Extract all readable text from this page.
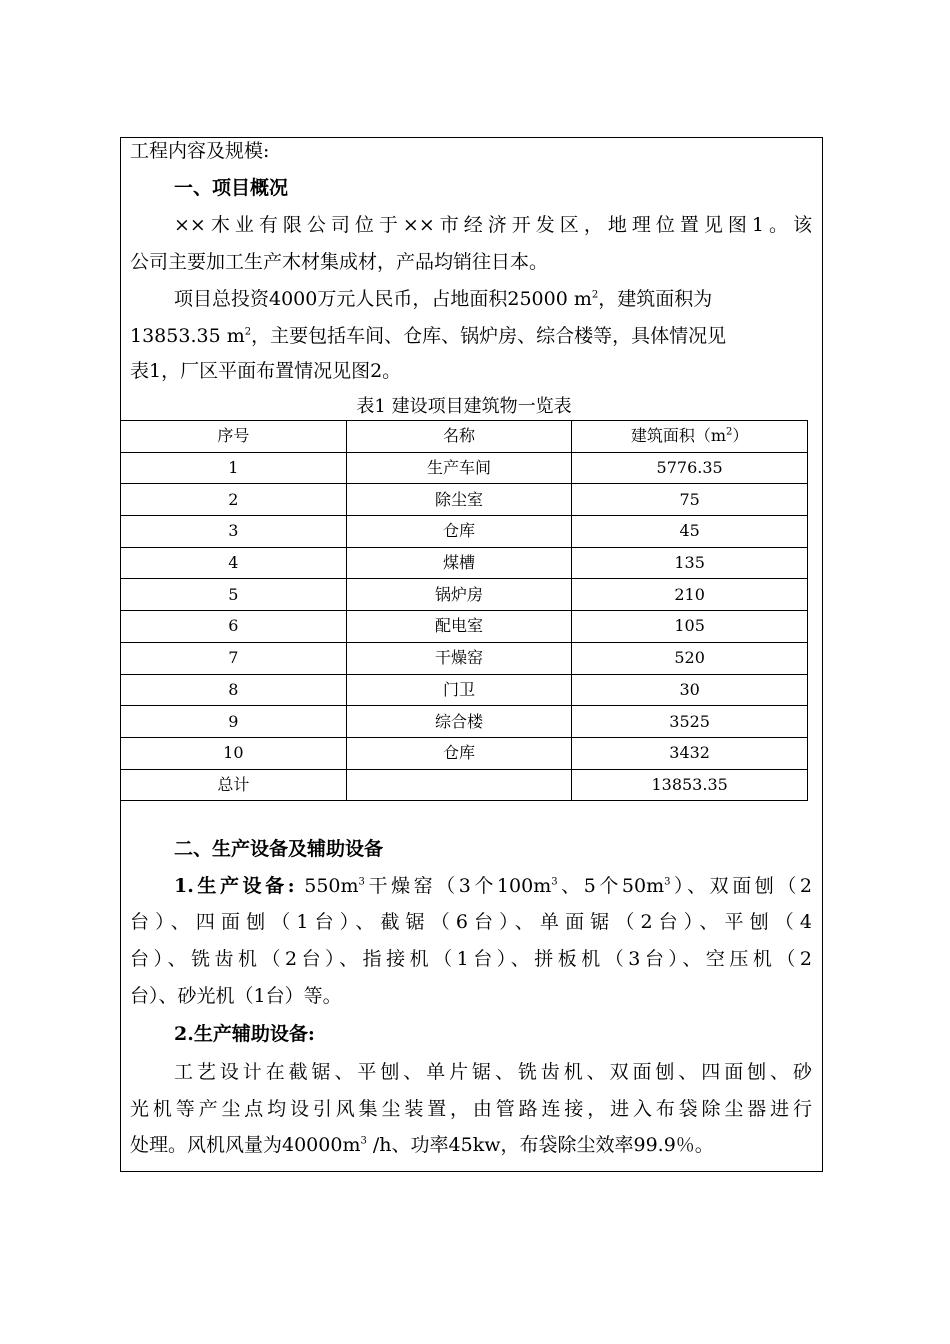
工程内容及规模:
一、项目概况
××木业有限公司位于××市经济开发区，地理位置见图1。该
公司主要加工生产木材集成材，产品均销往日本。
项目总投资4000万元人民币，占地面积25000 $m^2$，建筑面积为
13853.35 $m^2$，主要包括车间、仓库、锅炉房、综合楼等，具体情况见
表1，厂区平面布置情况见图2。
表1 建设项目建筑物一览表
序号	名称	建筑面积$(m^2)$
1	生产车间	5776.35
2	除尘室	75
3	仓库	45
4	煤槽	135
5	锅炉房	210
6	配电室	105
7	干燥窑	520
8	门卫	30
9	综合楼	3525
10	仓库	3432
总计		13853.35
二、生产设备及辅助设备
1.生产设备: $550m^3$干燥窑（3个$100m^3$、5个$50m^3$）、双面刨（2
台）、四面刨（1台）、截锯（6台）、单面锯（2台）、平刨（4
台）、铣齿机（2台）、指接机（1台）、拼板机（3台）、空压机（2
台）、砂光机（1台）等。
2.生产辅助设备:
工艺设计在截锯、平刨、单片锯、铣齿机、双面刨、四面刨、砂
光机等产尘点均设引风集尘装置，由管路连接，进入布袋除尘器进行
处理。风机风量为$40000m^3$ /h、功率45kw，布袋除尘效率99.9％。
